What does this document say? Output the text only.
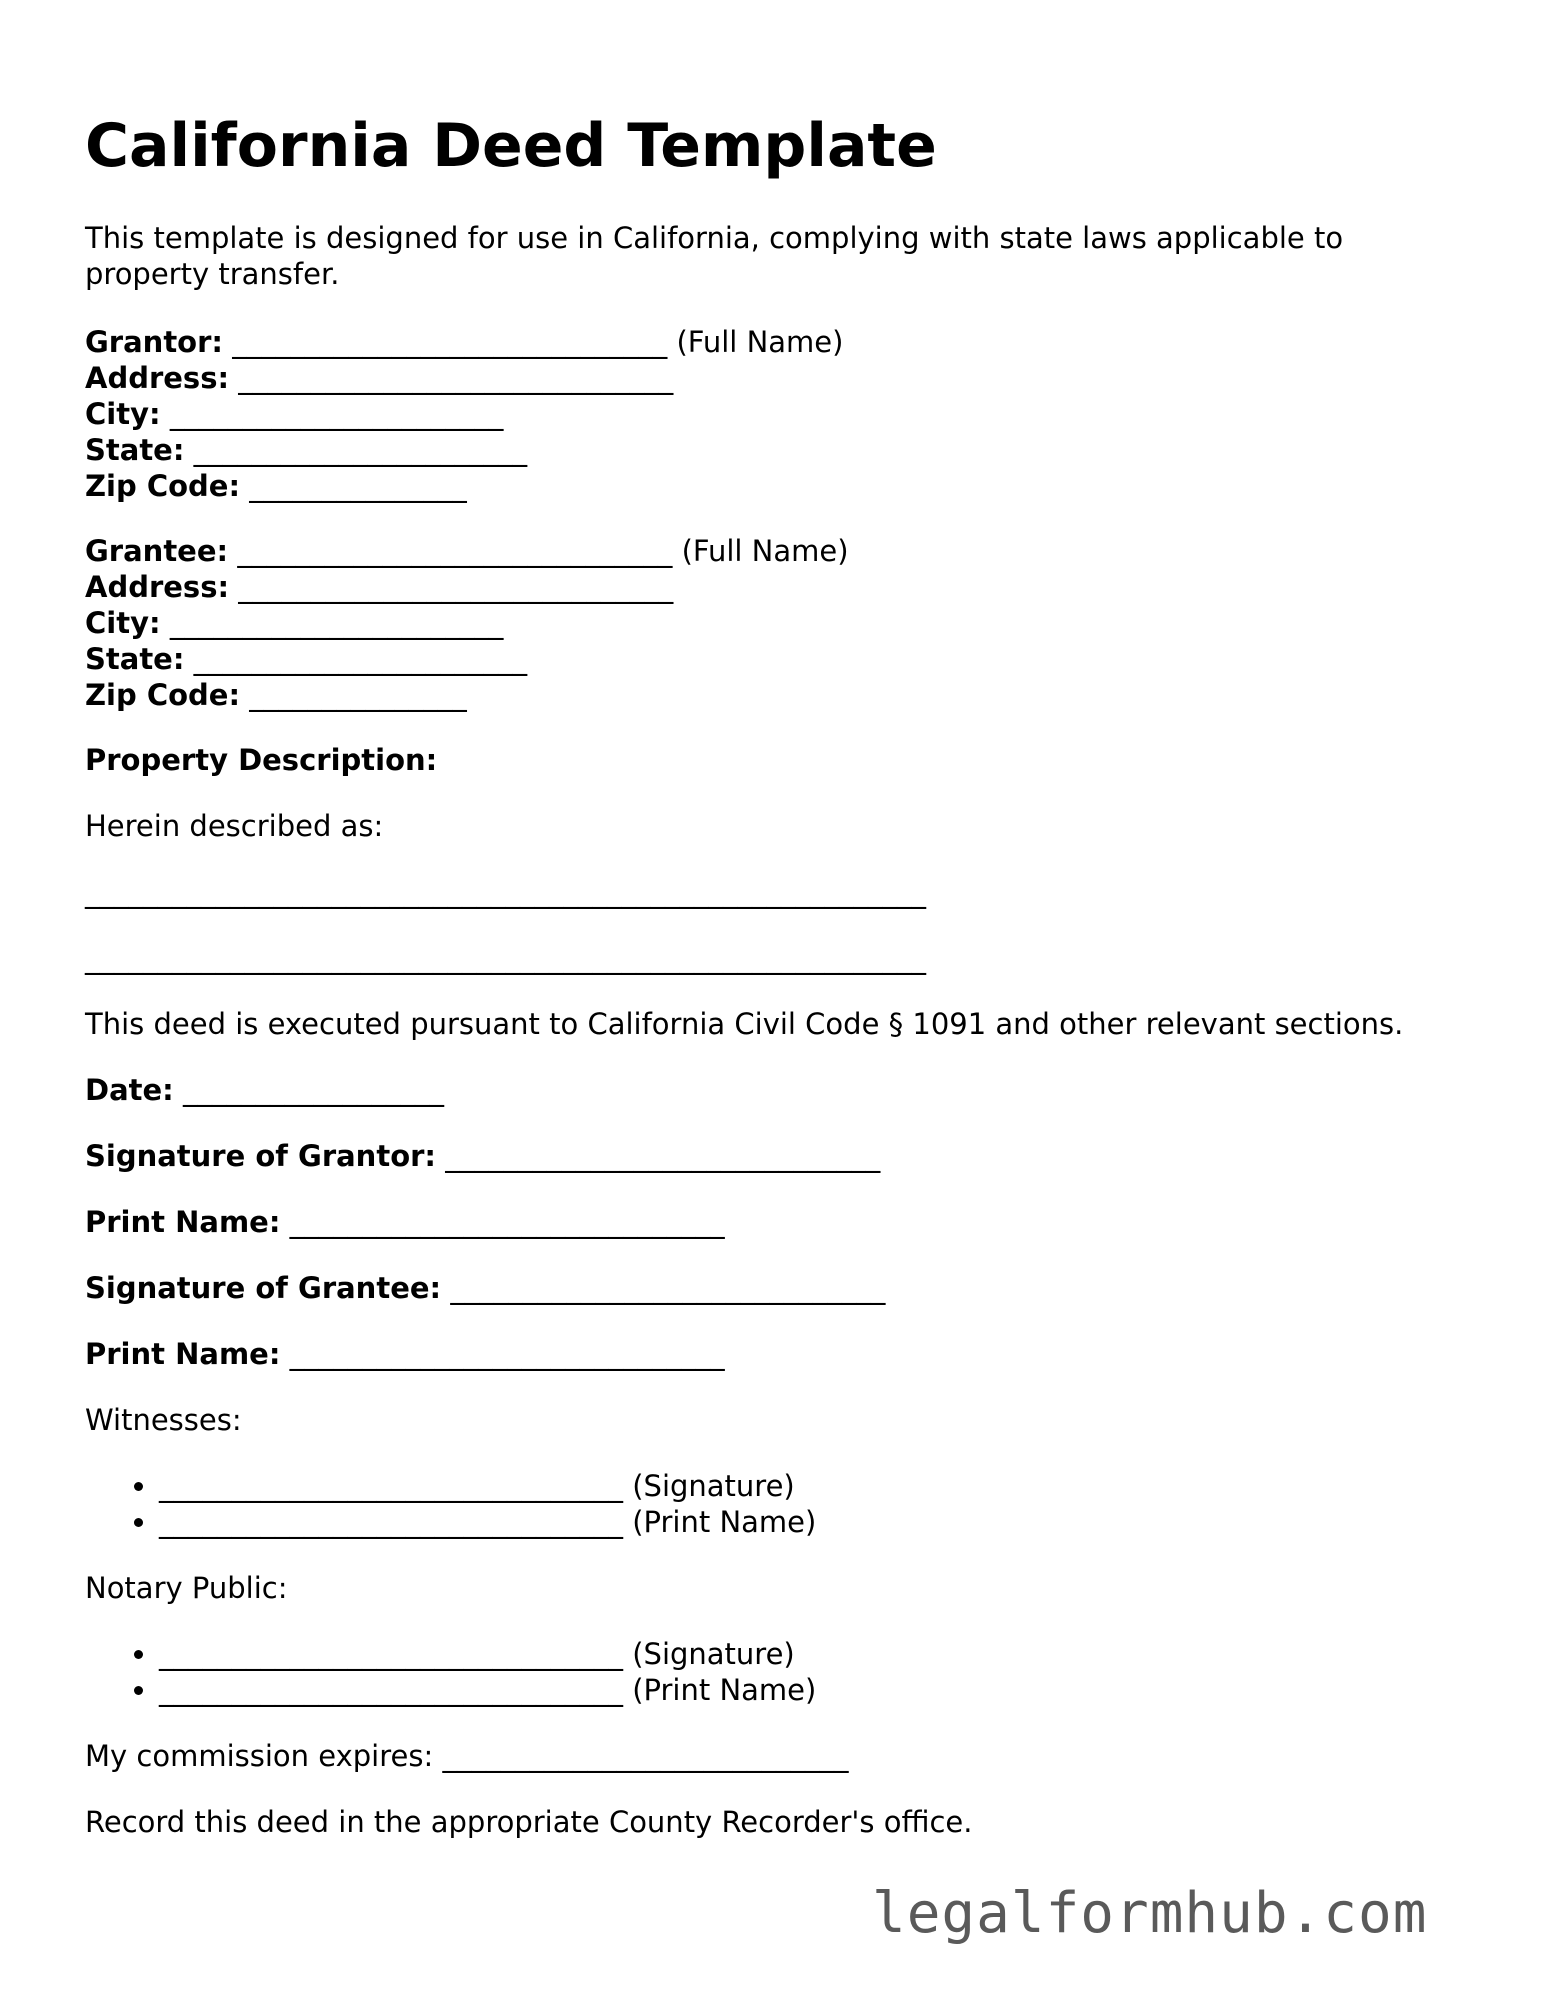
California Deed Template

This template is designed for use in California, complying with state laws applicable to property transfer.

Grantor: ______________________________ (Full Name)
Address: ______________________________
City: _______________________
State: _______________________
Zip Code: _______________
Grantee: ______________________________ (Full Name)
Address: ______________________________
City: _______________________
State: _______________________
Zip Code: _______________
Property Description:
Herein described as:
__________________________________________________________
__________________________________________________________
This deed is executed pursuant to California Civil Code § 1091 and other relevant sections.
Date: __________________
Signature of Grantor: ______________________________
Print Name: ______________________________
Signature of Grantee: ______________________________
Print Name: ______________________________
Witnesses:
• ________________________________ (Signature)
• ________________________________ (Print Name)
Notary Public:
• ________________________________ (Signature)
• ________________________________ (Print Name)
My commission expires: ____________________________
Record this deed in the appropriate County Recorder's office.
legalformhub.com
